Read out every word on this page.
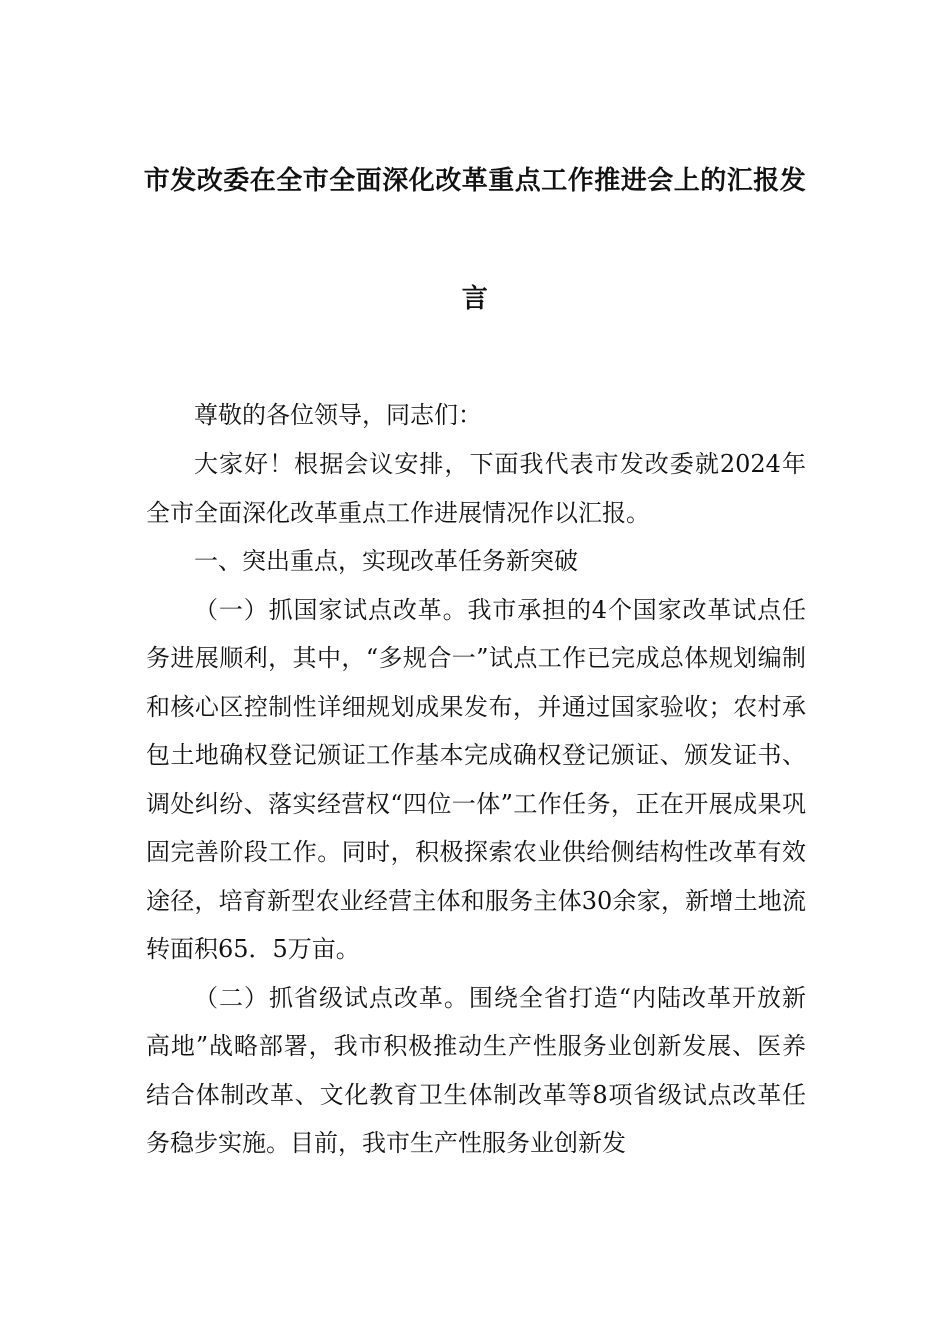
市发改委在全市全面深化改革重点工作推进会上的汇报发
言

尊敬的各位领导，同志们：

大家好！根据会议安排，下面我代表市发改委就2024年全市全面深化改革重点工作进展情况作以汇报。

一、突出重点，实现改革任务新突破

（一）抓国家试点改革。我市承担的4个国家改革试点任务进展顺利，其中，“多规合一”试点工作已完成总体规划编制和核心区控制性详细规划成果发布，并通过国家验收；农村承包土地确权登记颁证工作基本完成确权登记颁证、颁发证书、调处纠纷、落实经营权“四位一体”工作任务，正在开展成果巩固完善阶段工作。同时，积极探索农业供给侧结构性改革有效途径，培育新型农业经营主体和服务主体30余家，新增土地流转面积65．5万亩。

（二）抓省级试点改革。围绕全省打造“内陆改革开放新高地”战略部署，我市积极推动生产性服务业创新发展、医养结合体制改革、文化教育卫生体制改革等8项省级试点改革任务稳步实施。目前，我市生产性服务业创新发
